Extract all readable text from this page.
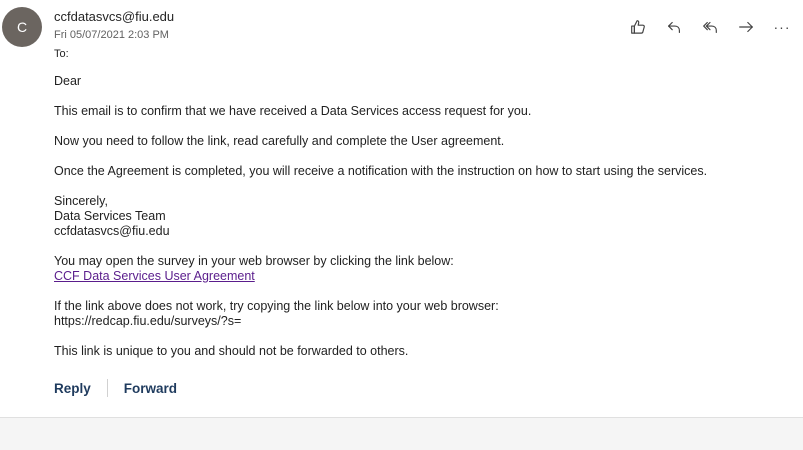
C
ccfdatasvcs@fiu.edu
Fri 05/07/2021 2:03 PM
To:
···

Dear

This email is to confirm that we have received a Data Services access request for you.

Now you need to follow the link, read carefully and complete the User agreement.

Once the Agreement is completed, you will receive a notification with the instruction on how to start using the services.

Sincerely,
Data Services Team
ccfdatasvcs@fiu.edu

You may open the survey in your web browser by clicking the link below:
CCF Data Services User Agreement

If the link above does not work, try copying the link below into your web browser:
https://redcap.fiu.edu/surveys/?s=

This link is unique to you and should not be forwarded to others.

Reply Forward
